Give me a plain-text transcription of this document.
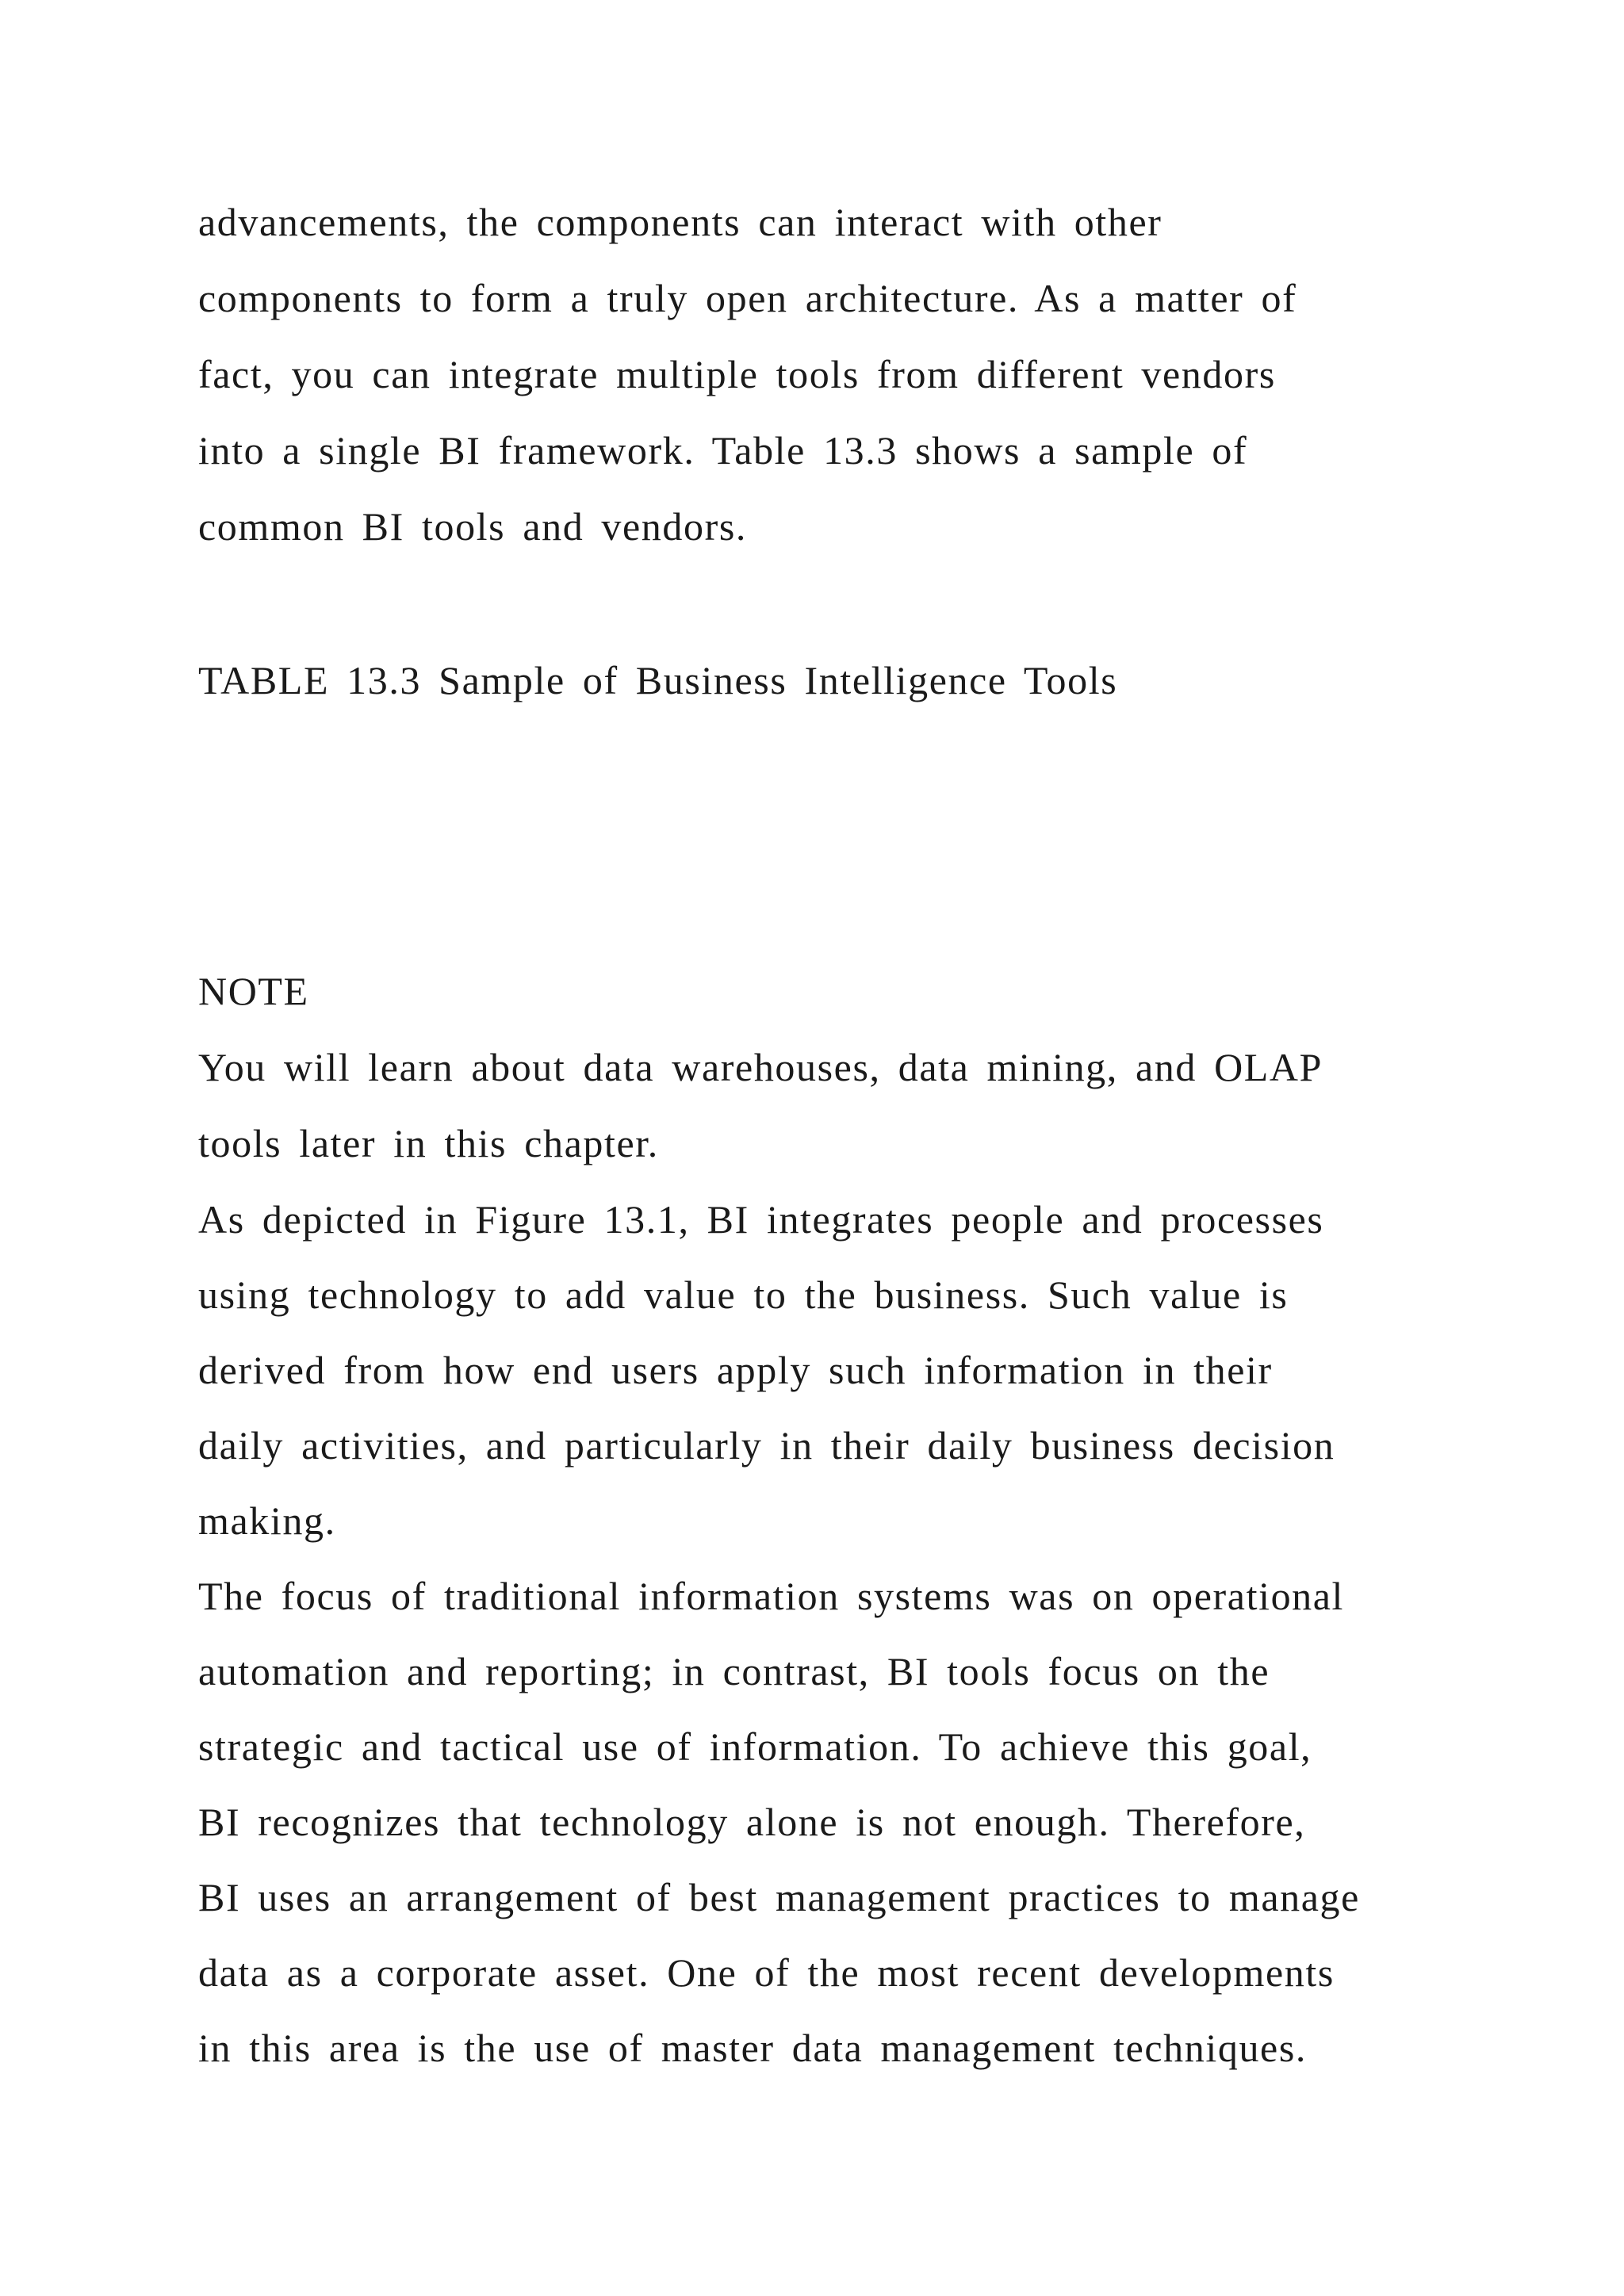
advancements, the components can interact with other
components to form a truly open architecture. As a matter of
fact, you can integrate multiple tools from different vendors
into a single BI framework. Table 13.3 shows a sample of
common BI tools and vendors.
TABLE 13.3 Sample of Business Intelligence Tools
NOTE
You will learn about data warehouses, data mining, and OLAP
tools later in this chapter.
As depicted in Figure 13.1, BI integrates people and processes
using technology to add value to the business. Such value is
derived from how end users apply such information in their
daily activities, and particularly in their daily business decision
making.
The focus of traditional information systems was on operational
automation and reporting; in contrast, BI tools focus on the
strategic and tactical use of information. To achieve this goal,
BI recognizes that technology alone is not enough. Therefore,
BI uses an arrangement of best management practices to manage
data as a corporate asset. One of the most recent developments
in this area is the use of master data management techniques.
